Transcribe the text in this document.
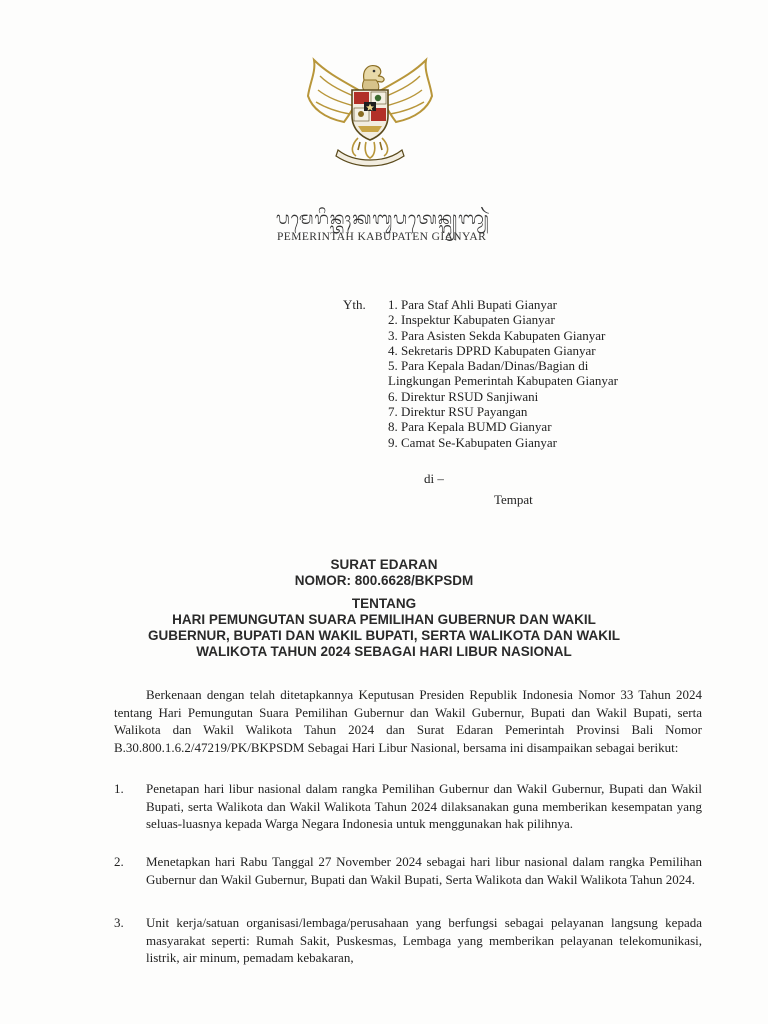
ᬧᬫᬾᬭᬶᬦ᭄ᬢᬄᬓᬩᬸᬧᬢᬾᬦ᭄ᬕ᭄ᬬᬜ᭄ᬬᬃ
PEMERINTAH KABUPATEN GIANYAR
Yth. 1. Para Staf Ahli Bupati Gianyar
2. Inspektur Kabupaten Gianyar
3. Para Asisten Sekda Kabupaten Gianyar
4. Sekretaris DPRD Kabupaten Gianyar
5. Para Kepala Badan/Dinas/Bagian di
Lingkungan Pemerintah Kabupaten Gianyar
6. Direktur RSUD Sanjiwani
7. Direktur RSU Payangan
8. Para Kepala BUMD Gianyar
9. Camat Se-Kabupaten Gianyar
di –
Tempat
SURAT EDARAN
NOMOR: 800.6628/BKPSDM
TENTANG
HARI PEMUNGUTAN SUARA PEMILIHAN GUBERNUR DAN WAKIL
GUBERNUR, BUPATI DAN WAKIL BUPATI, SERTA WALIKOTA DAN WAKIL
WALIKOTA TAHUN 2024 SEBAGAI HARI LIBUR NASIONAL
Berkenaan dengan telah ditetapkannya Keputusan Presiden Republik Indonesia Nomor 33 Tahun 2024 tentang Hari Pemungutan Suara Pemilihan Gubernur dan Wakil Gubernur, Bupati dan Wakil Bupati, serta Walikota dan Wakil Walikota Tahun 2024 dan Surat Edaran Pemerintah Provinsi Bali Nomor B.30.800.1.6.2/47219/PK/BKPSDM Sebagai Hari Libur Nasional, bersama ini disampaikan sebagai berikut:
1.	Penetapan hari libur nasional dalam rangka Pemilihan Gubernur dan Wakil Gubernur, Bupati dan Wakil Bupati, serta Walikota dan Wakil Walikota Tahun 2024 dilaksanakan guna memberikan kesempatan yang seluas-luasnya kepada Warga Negara Indonesia untuk menggunakan hak pilihnya.
2.	Menetapkan hari Rabu Tanggal 27 November 2024 sebagai hari libur nasional dalam rangka Pemilihan Gubernur dan Wakil Gubernur, Bupati dan Wakil Bupati, Serta Walikota dan Wakil Walikota Tahun 2024.
3.	Unit kerja/satuan organisasi/lembaga/perusahaan yang berfungsi sebagai pelayanan langsung kepada masyarakat seperti: Rumah Sakit, Puskesmas, Lembaga yang memberikan pelayanan telekomunikasi, listrik, air minum, pemadam kebakaran,
